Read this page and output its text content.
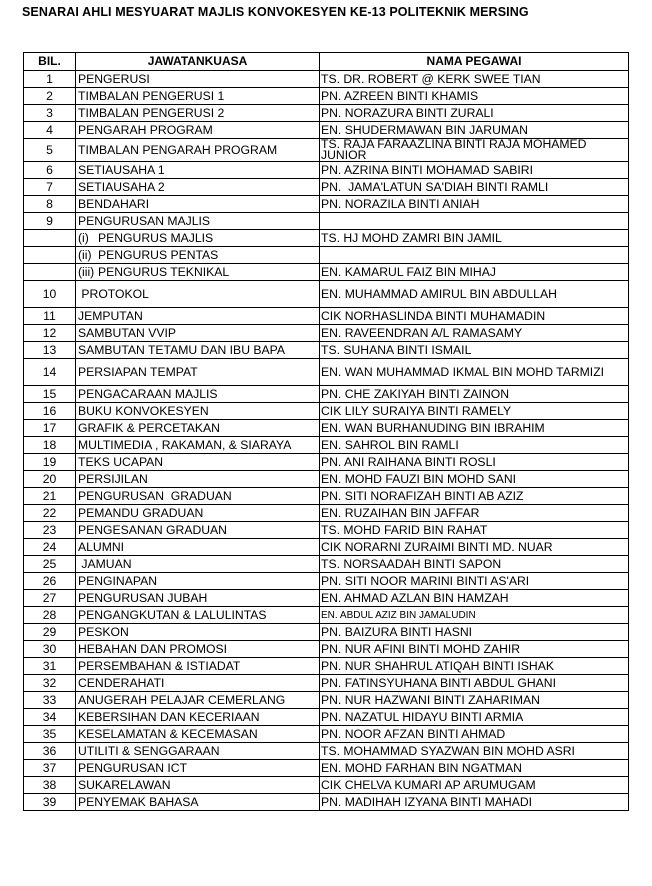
SENARAI AHLI MESYUARAT MAJLIS KONVOKESYEN KE-13 POLITEKNIK MERSING
BIL.	JAWATANKUASA	NAMA PEGAWAI
1	PENGERUSI	TS. DR. ROBERT @ KERK SWEE TIAN
2	TIMBALAN PENGERUSI 1	PN. AZREEN BINTI KHAMIS
3	TIMBALAN PENGERUSI 2	PN. NORAZURA BINTI ZURALI
4	PENGARAH PROGRAM	EN. SHUDERMAWAN BIN JARUMAN
5	TIMBALAN PENGARAH PROGRAM	TS. RAJA FARAAZLINA BINTI RAJA MOHAMED JUNIOR
6	SETIAUSAHA 1	PN. AZRINA BINTI MOHAMAD SABIRI
7	SETIAUSAHA 2	PN.  JAMA'LATUN SA'DIAH BINTI RAMLI
8	BENDAHARI	PN. NORAZILA BINTI ANIAH
9	PENGURUSAN MAJLIS	
	(i) PENGURUS MAJLIS	TS. HJ MOHD ZAMRI BIN JAMIL
	(ii) PENGURUS PENTAS	
	(iii) PENGURUS TEKNIKAL	EN. KAMARUL FAIZ BIN MIHAJ
10	PROTOKOL	EN. MUHAMMAD AMIRUL BIN ABDULLAH
11	JEMPUTAN	CIK NORHASLINDA BINTI MUHAMADIN
12	SAMBUTAN VVIP	EN. RAVEENDRAN A/L RAMASAMY
13	SAMBUTAN TETAMU DAN IBU BAPA	TS. SUHANA BINTI ISMAIL
14	PERSIAPAN TEMPAT	EN. WAN MUHAMMAD IKMAL BIN MOHD TARMIZI
15	PENGACARAAN MAJLIS	PN. CHE ZAKIYAH BINTI ZAINON
16	BUKU KONVOKESYEN	CIK LILY SURAIYA BINTI RAMELY
17	GRAFIK & PERCETAKAN	EN. WAN BURHANUDING BIN IBRAHIM
18	MULTIMEDIA , RAKAMAN, & SIARAYA	EN. SAHROL BIN RAMLI
19	TEKS UCAPAN	PN. ANI RAIHANA BINTI ROSLI
20	PERSIJILAN	EN. MOHD FAUZI BIN MOHD SANI
21	PENGURUSAN  GRADUAN	PN. SITI NORAFIZAH BINTI AB AZIZ
22	PEMANDU GRADUAN	EN. RUZAIHAN BIN JAFFAR
23	PENGESANAN GRADUAN	TS. MOHD FARID BIN RAHAT
24	ALUMNI	CIK NORARNI ZURAIMI BINTI MD. NUAR
25	JAMUAN	TS. NORSAADAH BINTI SAPON
26	PENGINAPAN	PN. SITI NOOR MARINI BINTI AS'ARI
27	PENGURUSAN JUBAH	EN. AHMAD AZLAN BIN HAMZAH
28	PENGANGKUTAN & LALULINTAS	EN. ABDUL AZIZ BIN JAMALUDIN
29	PESKON	PN. BAIZURA BINTI HASNI
30	HEBAHAN DAN PROMOSI	PN. NUR AFINI BINTI MOHD ZAHIR
31	PERSEMBAHAN & ISTIADAT	PN. NUR SHAHRUL ATIQAH BINTI ISHAK
32	CENDERAHATI	PN. FATINSYUHANA BINTI ABDUL GHANI
33	ANUGERAH PELAJAR CEMERLANG	PN. NUR HAZWANI BINTI ZAHARIMAN
34	KEBERSIHAN DAN KECERIAAN	PN. NAZATUL HIDAYU BINTI ARMIA
35	KESELAMATAN & KECEMASAN	PN. NOOR AFZAN BINTI AHMAD
36	UTILITI & SENGGARAAN	TS. MOHAMMAD SYAZWAN BIN MOHD ASRI
37	PENGURUSAN ICT	EN. MOHD FARHAN BIN NGATMAN
38	SUKARELAWAN	CIK CHELVA KUMARI AP ARUMUGAM
39	PENYEMAK BAHASA	PN. MADIHAH IZYANA BINTI MAHADI
